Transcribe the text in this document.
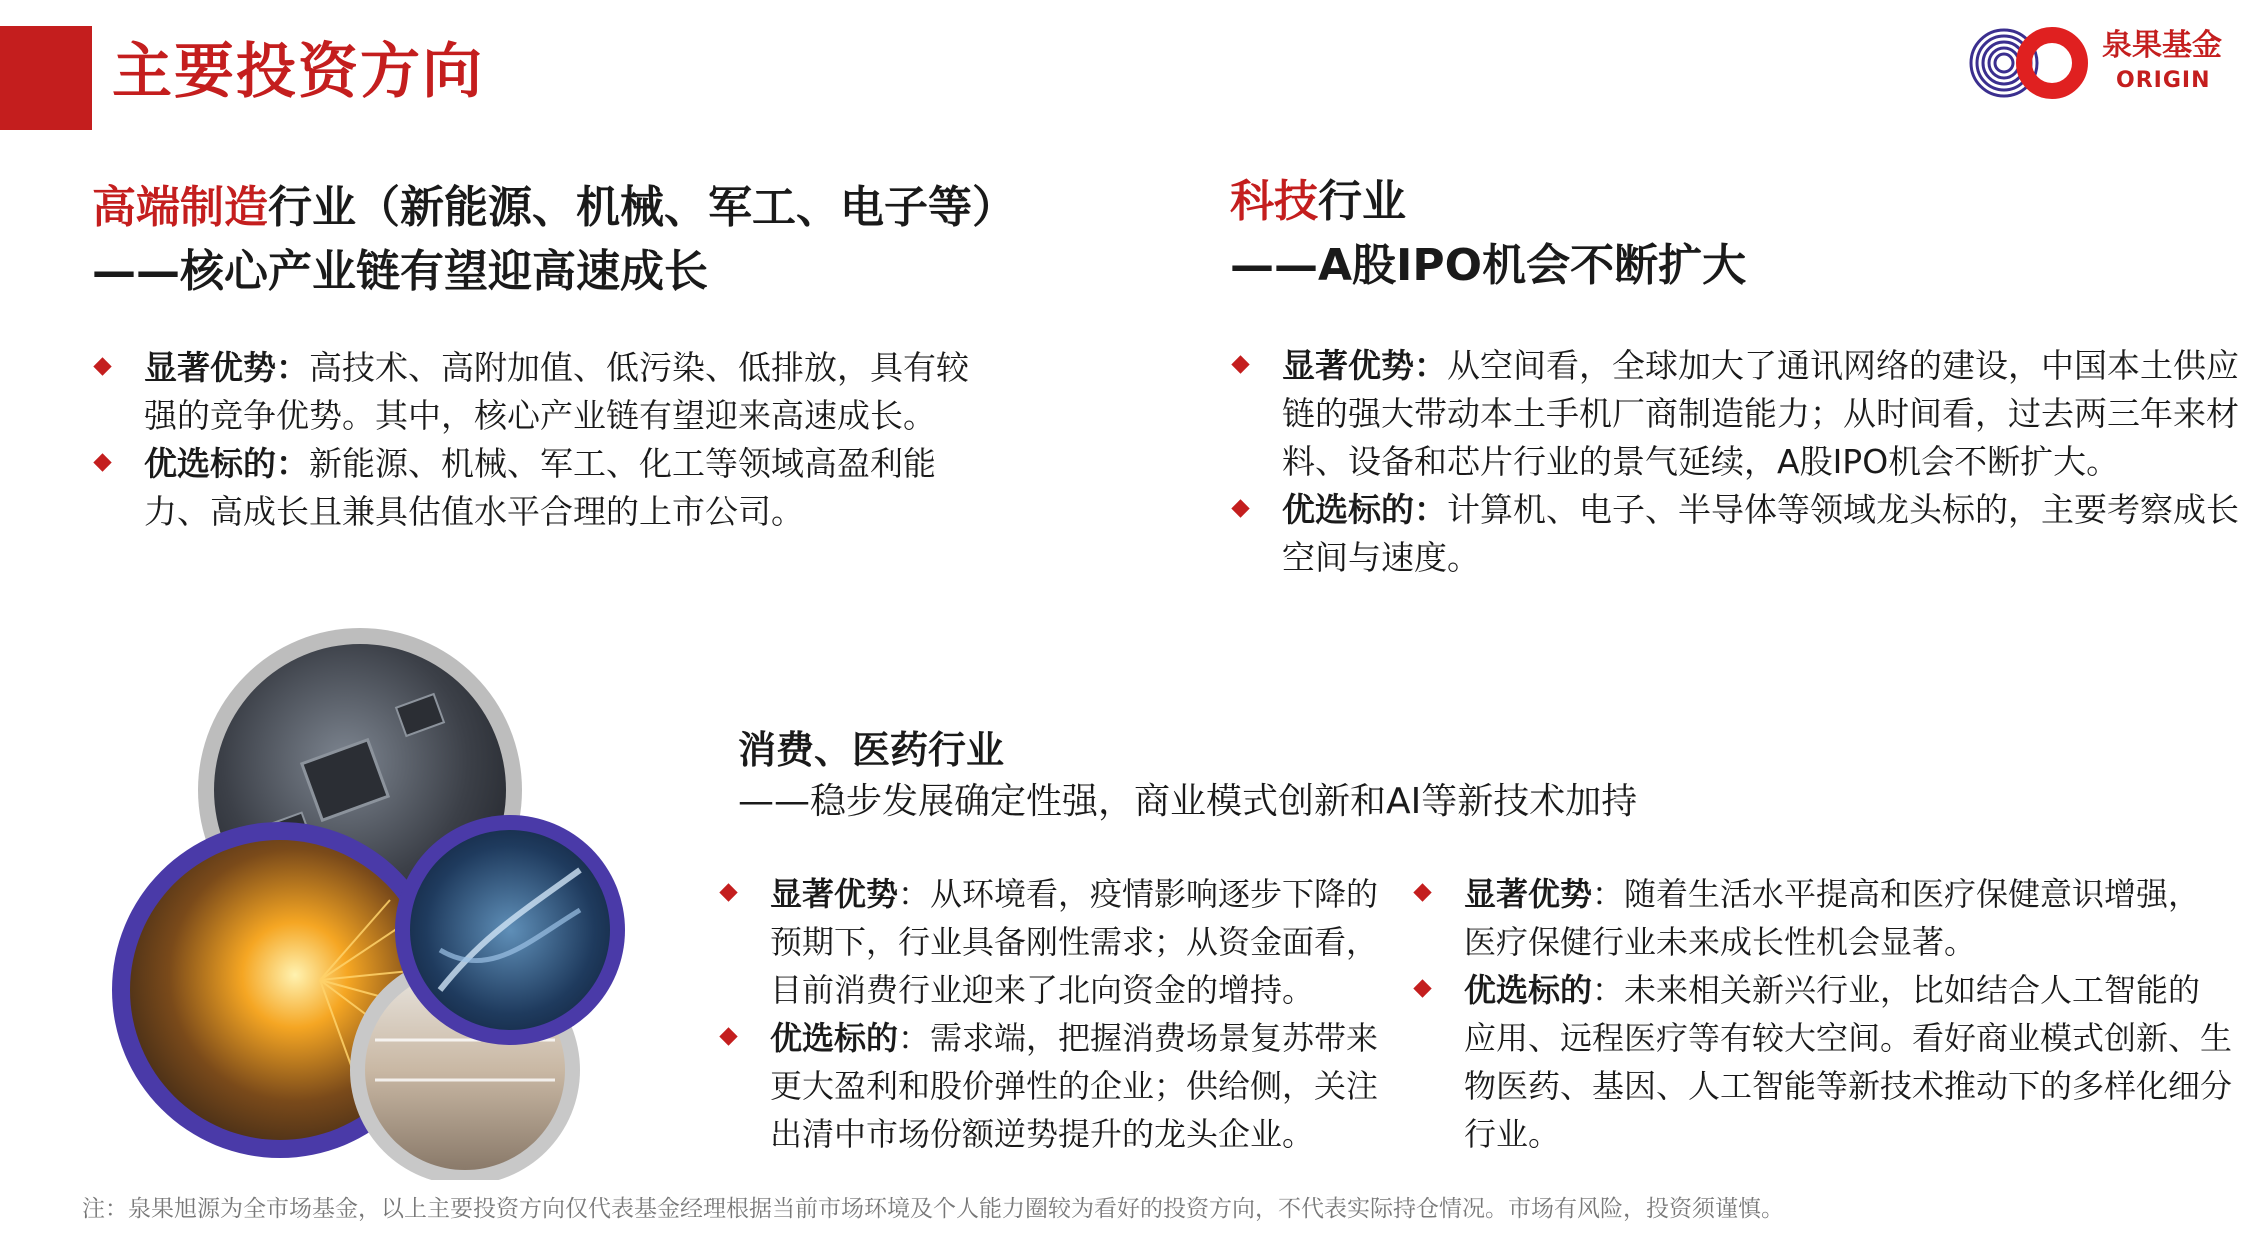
主要投资方向	泉果基金
ORIGIN
高端制造行业（新能源、机械、军工、电子等）
——核心产业链有望迎高速成长
显著优势：高技术、高附加值、低污染、低排放，具有较强的竞争优势。其中，核心产业链有望迎来高速成长。
优选标的：新能源、机械、军工、化工等领域高盈利能力、高成长且兼具估值水平合理的上市公司。
科技行业
——A股IPO机会不断扩大
显著优势：从空间看，全球加大了通讯网络的建设，中国本土供应链的强大带动本土手机厂商制造能力；从时间看，过去两三年来材料、设备和芯片行业的景气延续，A股IPO机会不断扩大。
优选标的：计算机、电子、半导体等领域龙头标的，主要考察成长空间与速度。
消费、医药行业
——稳步发展确定性强，商业模式创新和AI等新技术加持
显著优势：从环境看，疫情影响逐步下降的预期下，行业具备刚性需求；从资金面看，目前消费行业迎来了北向资金的增持。
优选标的：需求端，把握消费场景复苏带来更大盈利和股价弹性的企业；供给侧，关注出清中市场份额逆势提升的龙头企业。
显著优势：随着生活水平提高和医疗保健意识增强，医疗保健行业未来成长性机会显著。
优选标的：未来相关新兴行业，比如结合人工智能的应用、远程医疗等有较大空间。看好商业模式创新、生物医药、基因、人工智能等新技术推动下的多样化细分行业。
注：泉果旭源为全市场基金，以上主要投资方向仅代表基金经理根据当前市场环境及个人能力圈较为看好的投资方向，不代表实际持仓情况。市场有风险，投资须谨慎。
